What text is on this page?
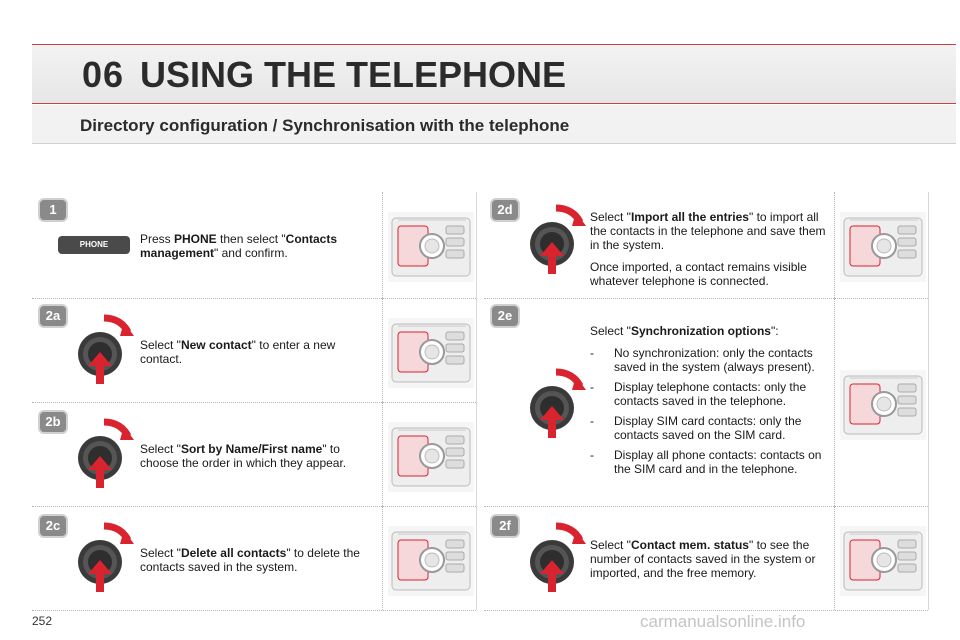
06 USING THE TELEPHONE
Directory configuration / Synchronisation with the telephone
1
2a
2b
2c
2d
2e
2f
PHONE	Press PHONE then select "Contacts management" and confirm.
Select "New contact" to enter a new contact.
Select "Sort by Name/First name" to choose the order in which they appear.
Select "Delete all contacts" to delete the contacts saved in the system.

Select "Import all the entries" to import all the contacts in the telephone and save them in the system.

Once imported, a contact remains visible whatever telephone is connected.

Select "Synchronization options":

- No synchronization: only the contacts saved in the system (always present).
- Display telephone contacts: only the contacts saved in the telephone.
- Display SIM card contacts: only the contacts saved on the SIM card.
- Display all phone contacts: contacts on the SIM card and in the telephone.
Select "Contact mem. status" to see the number of contacts saved in the system or imported, and the free memory.
252	carmanualsonline.info
